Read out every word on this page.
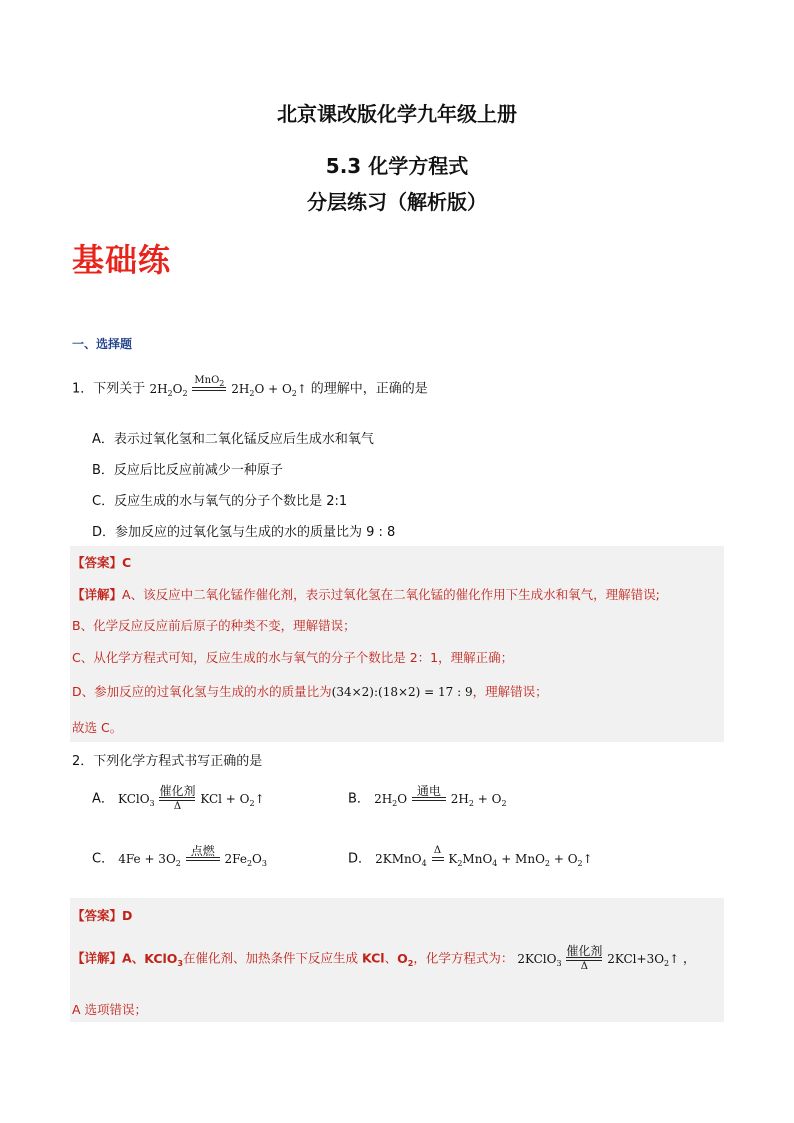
北京课改版化学九年级上册
5.3 化学方程式
分层练习（解析版）
基础练
一、选择题
1．下列关于 $2H_2O_2$
MnO$_2$
$2H_2O$ + $O_2↑$ 的理解中，正确的是
A．表示过氧化氢和二氧化锰反应后生成水和氧气
B．反应后比反应前减少一种原子
C．反应生成的水与氧气的分子个数比是 2:1
D．参加反应的过氧化氢与生成的水的质量比为 9 : 8
【答案】C
【详解】A、该反应中二氧化锰作催化剂，表示过氧化氢在二氧化锰的催化作用下生成水和氧气，理解错误;
B、化学反应反应前后原子的种类不变，理解错误；
C、从化学方程式可知，反应生成的水与氧气的分子个数比是 2：1，理解正确；
D、参加反应的过氧化氢与生成的水的质量比为(34×2):(18×2) = 17 : 9，理解错误；
故选 C。
2．下列化学方程式书写正确的是
A． KClO$_3$
催化剂
Δ
KCl + $O_2↑$	B． $2H_2O$
通电

$2H_2 + O_2$
C． $4Fe + 3O_2$
点燃

$2Fe_2O_3$	D． 2KMnO$_4$
Δ

$K_2MnO_4 + MnO_2$ + $O_2↑$
【答案】D
【详解】A、KClO$_3$在催化剂、加热条件下反应生成 KCl、$O_2$，化学方程式为： 2KClO$_3$
催化剂
Δ
$2KCl+3O_2↑$ ，
A 选项错误；
